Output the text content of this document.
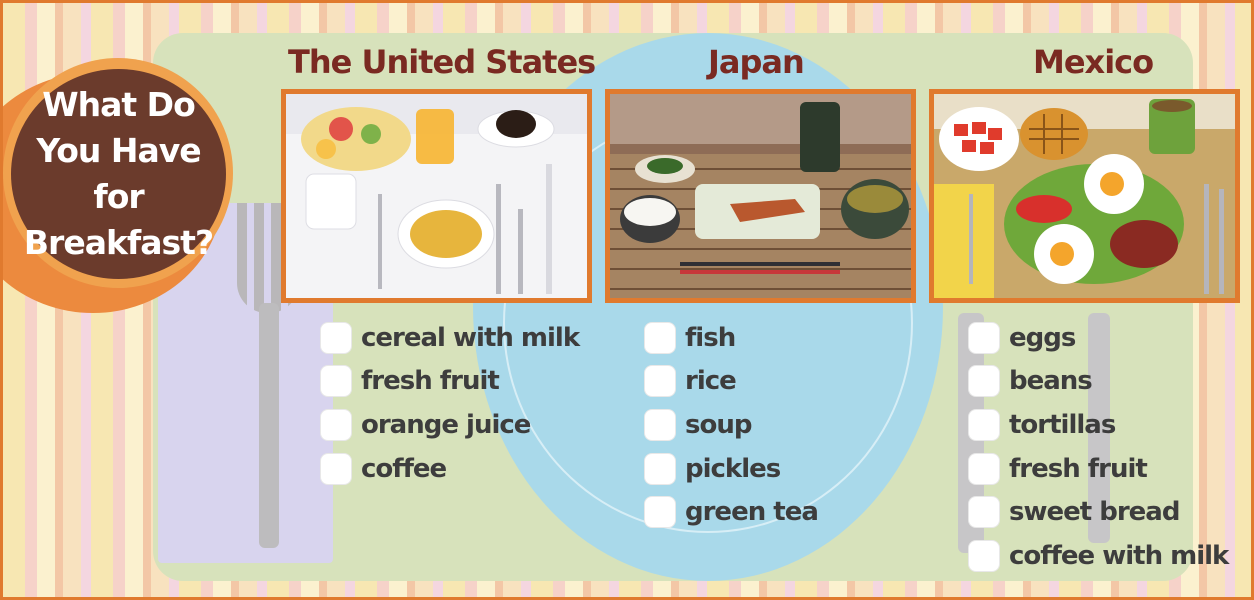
What Do
You Have for
Breakfast?
The United States
cereal with milk
fresh fruit
orange juice
coffee
Japan
fish
rice
soup
pickles
green tea
Mexico
eggs
beans
tortillas
fresh fruit
sweet bread
coffee with milk
